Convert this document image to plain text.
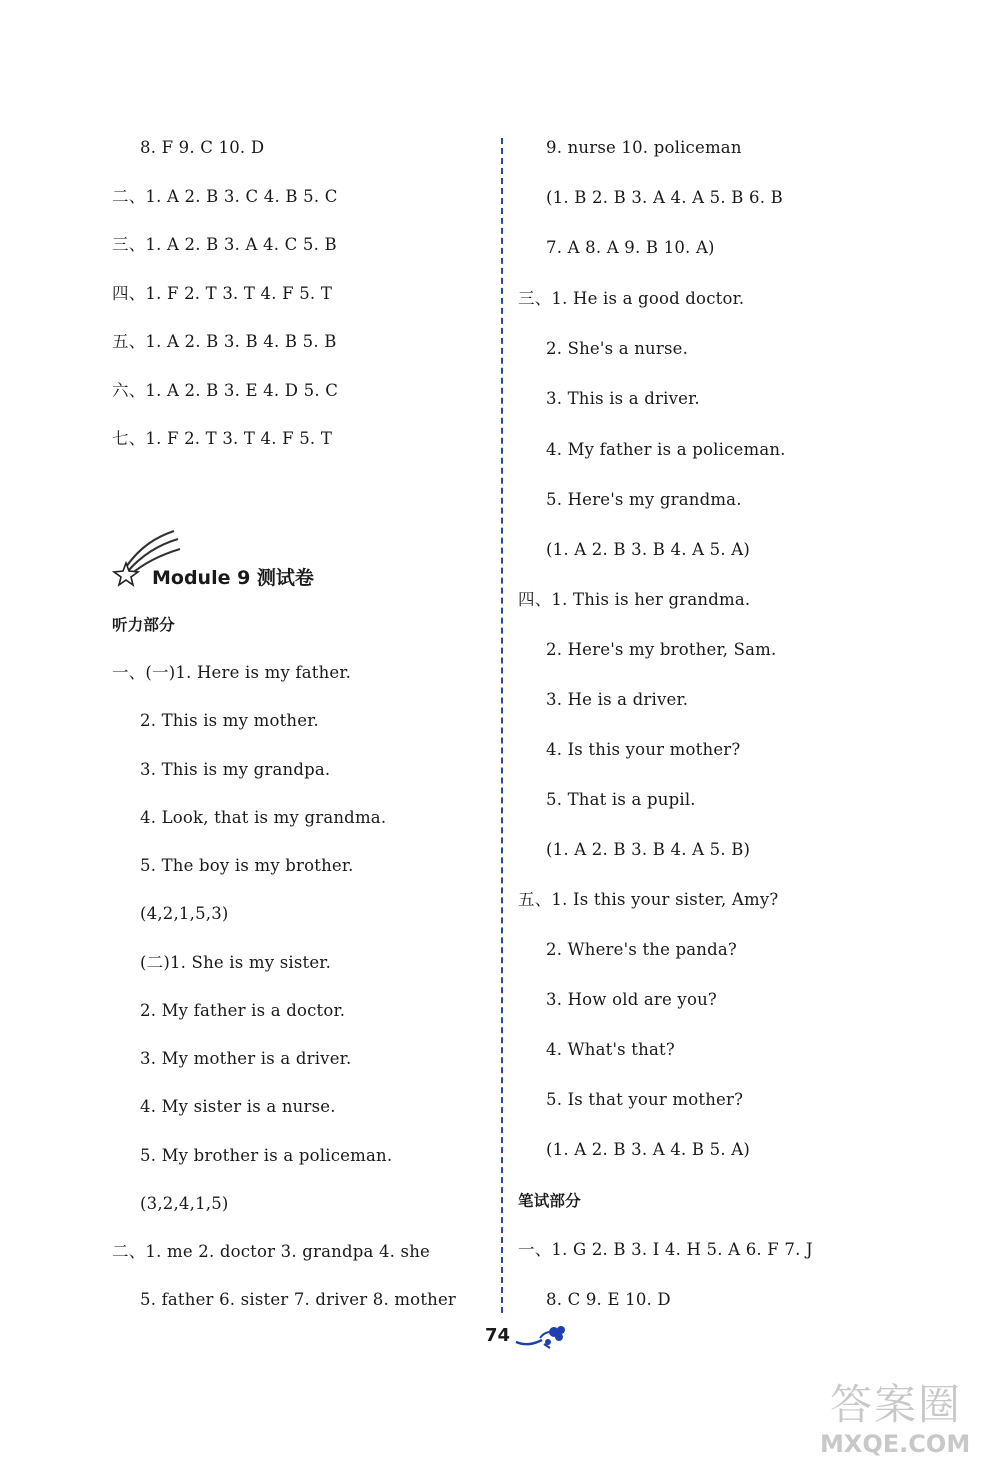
8. F 9. C 10. D
二、1. A 2. B 3. C 4. B 5. C
三、1. A 2. B 3. A 4. C 5. B
四、1. F 2. T 3. T 4. F 5. T
五、1. A 2. B 3. B 4. B 5. B
六、1. A 2. B 3. E 4. D 5. C
七、1. F 2. T 3. T 4. F 5. T
Module 9 测试卷
听力部分
一、(一)1. Here is my father.
2. This is my mother.
3. This is my grandpa.
4. Look, that is my grandma.
5. The boy is my brother.
(4,2,1,5,3)
(二)1. She is my sister.
2. My father is a doctor.
3. My mother is a driver.
4. My sister is a nurse.
5. My brother is a policeman.
(3,2,4,1,5)
二、1. me 2. doctor 3. grandpa 4. she
5. father 6. sister 7. driver 8. mother
9. nurse 10. policeman
(1. B 2. B 3. A 4. A 5. B 6. B
7. A 8. A 9. B 10. A)
三、1. He is a good doctor.
2. She's a nurse.
3. This is a driver.
4. My father is a policeman.
5. Here's my grandma.
(1. A 2. B 3. B 4. A 5. A)
四、1. This is her grandma.
2. Here's my brother, Sam.
3. He is a driver.
4. Is this your mother?
5. That is a pupil.
(1. A 2. B 3. B 4. A 5. B)
五、1. Is this your sister, Amy?
2. Where's the panda?
3. How old are you?
4. What's that?
5. Is that your mother?
(1. A 2. B 3. A 4. B 5. A)
笔试部分
一、1. G 2. B 3. I 4. H 5. A 6. F 7. J
8. C 9. E 10. D
74
答案圈
MXQE.COM
